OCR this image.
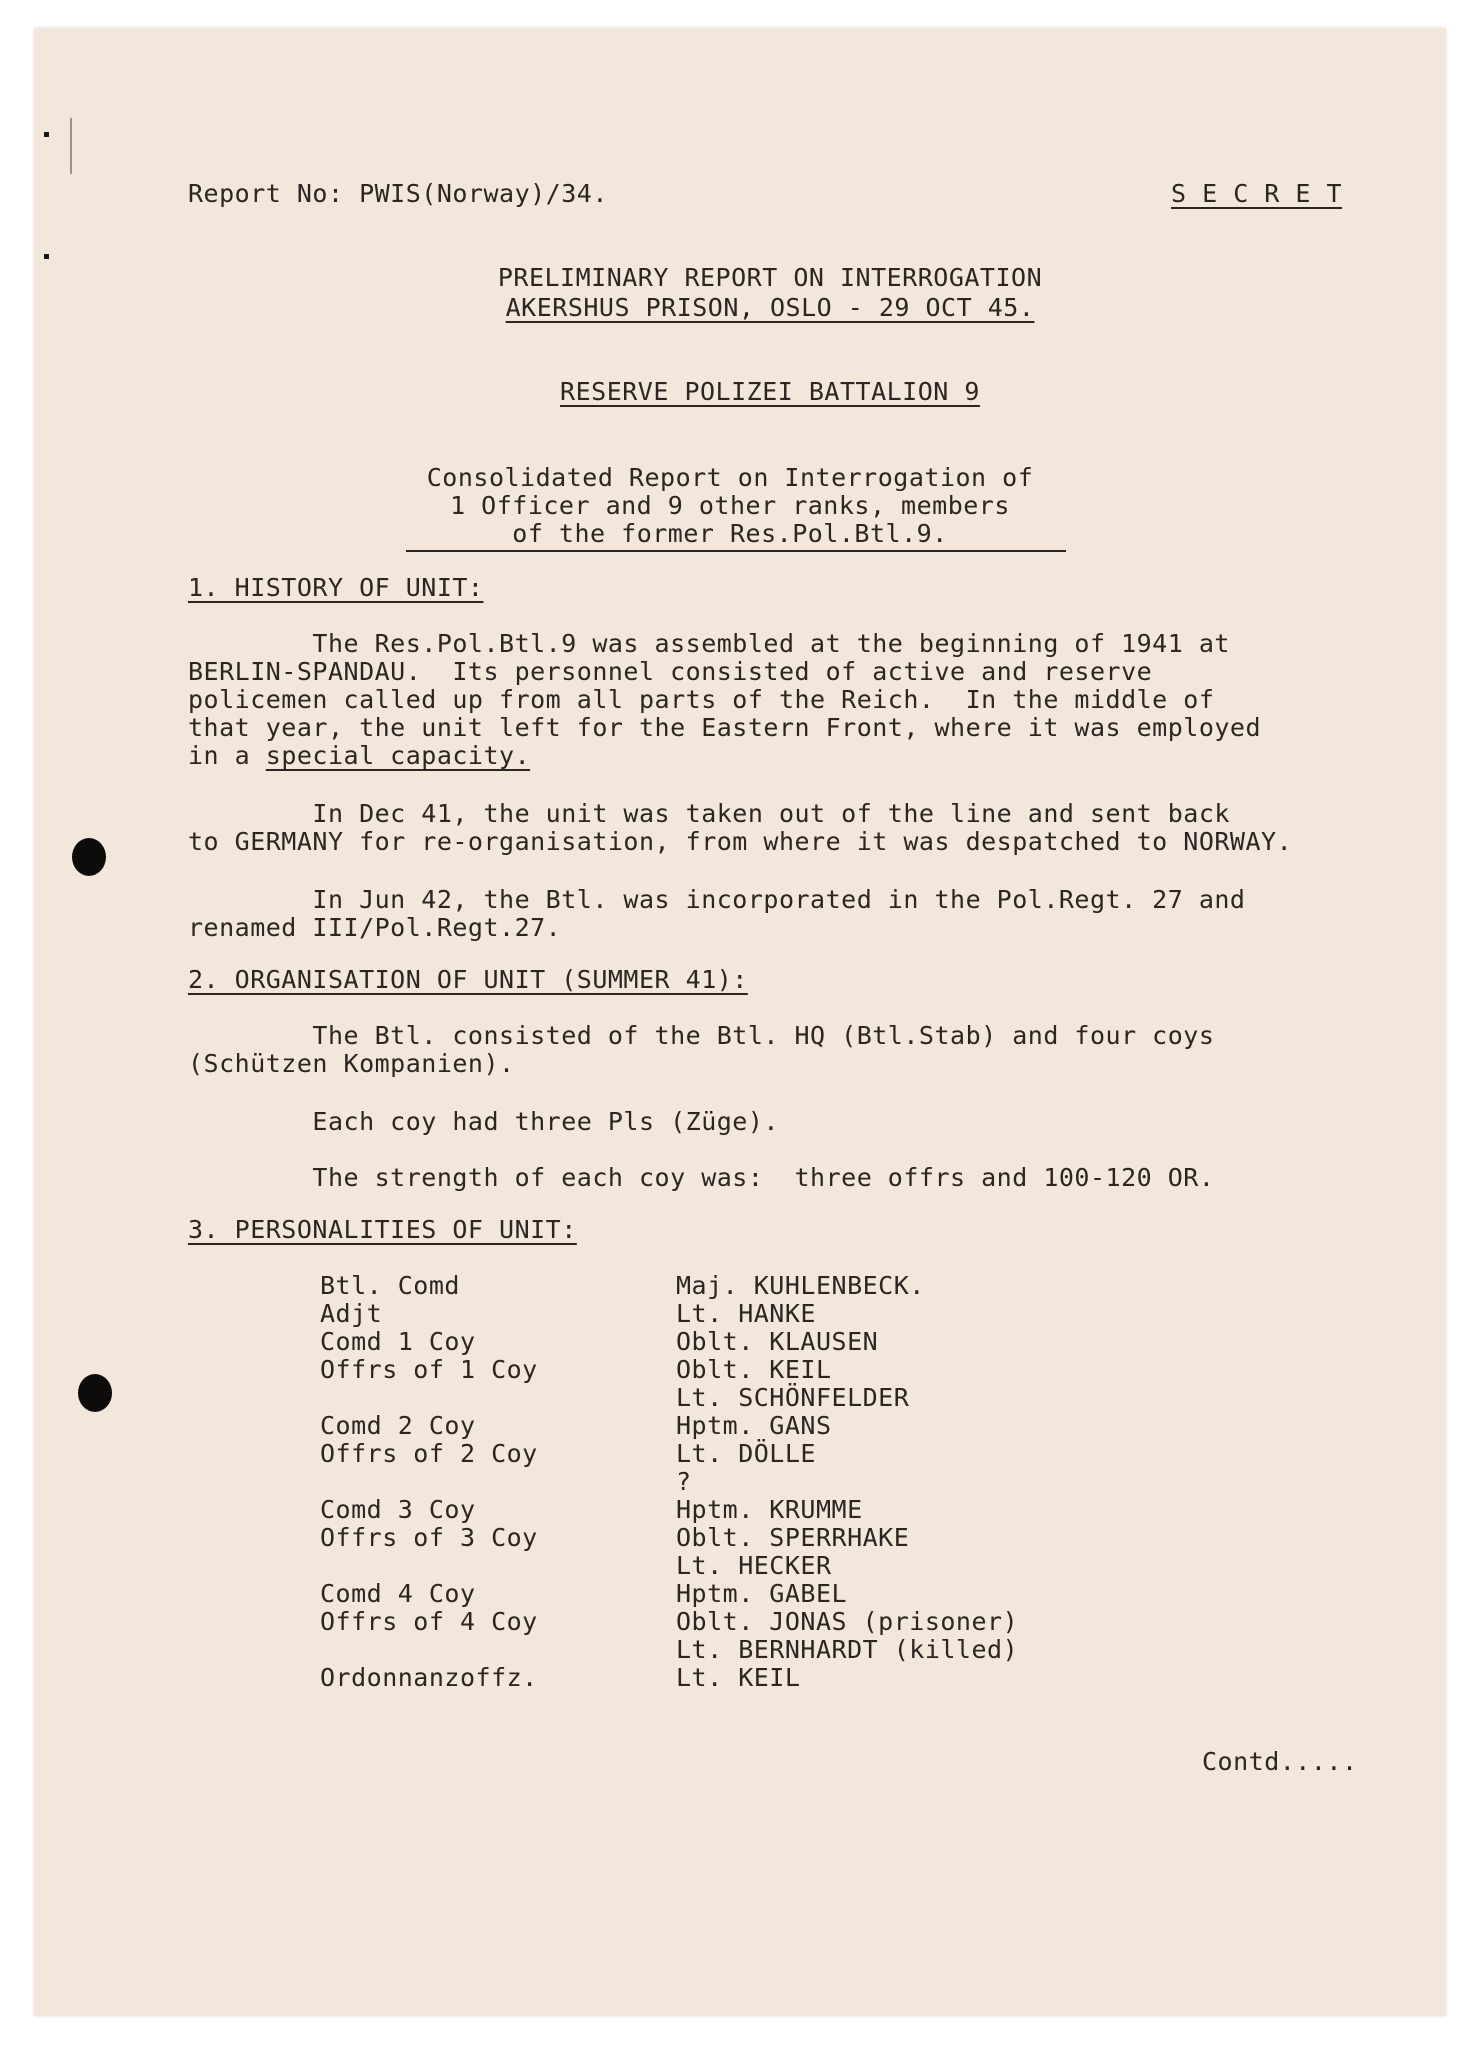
Report No: PWIS(Norway)/34.	S E C R E T
PRELIMINARY REPORT ON INTERROGATION
AKERSHUS PRISON, OSLO - 29 OCT 45.
RESERVE POLIZEI BATTALION 9
Consolidated Report on Interrogation of
1 Officer and 9 other ranks, members
of the former Res.Pol.Btl.9.
1. HISTORY OF UNIT:
The Res.Pol.Btl.9 was assembled at the beginning of 1941 at
BERLIN-SPANDAU.  Its personnel consisted of active and reserve
policemen called up from all parts of the Reich.  In the middle of
that year, the unit left for the Eastern Front, where it was employed
in a special capacity.
In Dec 41, the unit was taken out of the line and sent back
to GERMANY for re-organisation, from where it was despatched to NORWAY.
In Jun 42, the Btl. was incorporated in the Pol.Regt. 27 and
renamed III/Pol.Regt.27.
2. ORGANISATION OF UNIT (SUMMER 41):
The Btl. consisted of the Btl. HQ (Btl.Stab) and four coys
(Schützen Kompanien).
Each coy had three Pls (Züge).
The strength of each coy was:  three offrs and 100-120 OR.
3. PERSONALITIES OF UNIT:
Btl. Comd	Maj. KUHLENBECK.
Adjt	Lt. HANKE
Comd 1 Coy	Oblt. KLAUSEN
Offrs of 1 Coy	Oblt. KEIL
Lt. SCHÖNFELDER
Comd 2 Coy	Hptm. GANS
Offrs of 2 Coy	Lt. DÖLLE
?
Comd 3 Coy	Hptm. KRUMME
Offrs of 3 Coy	Oblt. SPERRHAKE
Lt. HECKER
Comd 4 Coy	Hptm. GABEL
Offrs of 4 Coy	Oblt. JONAS (prisoner)
Lt. BERNHARDT (killed)
Ordonnanzoffz.	Lt. KEIL
Contd.....
